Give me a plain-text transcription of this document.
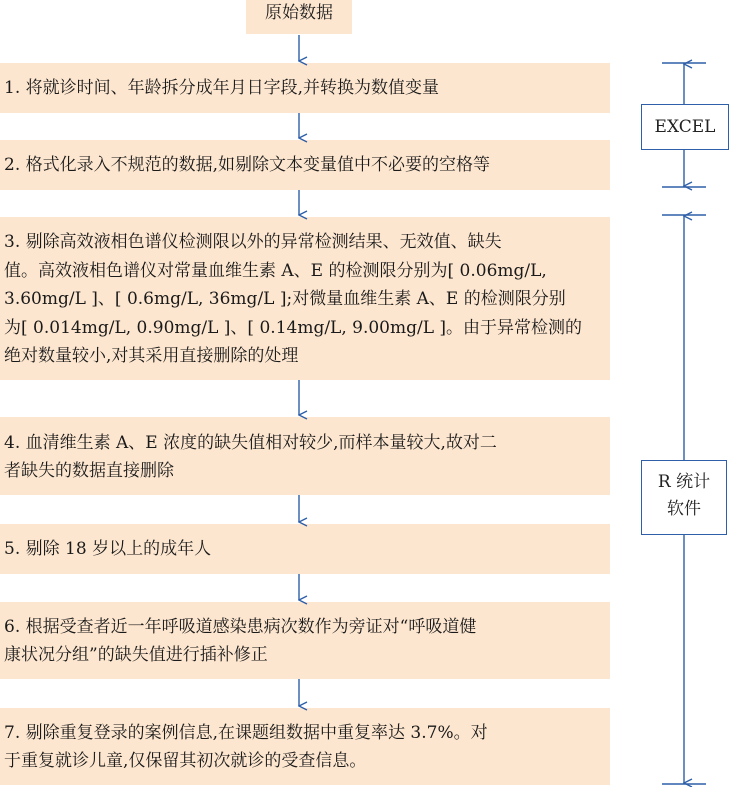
原始数据
1. 将就诊时间、年龄拆分成年月日字段,并转换为数值变量
2. 格式化录入不规范的数据,如剔除文本变量值中不必要的空格等
3. 剔除高效液相色谱仪检测限以外的异常检测结果、无效值、缺失
值。高效液相色谱仪对常量血维生素 A、E 的检测限分别为[ 0.06mg/L,
3.60mg/L ]、[ 0.6mg/L, 36mg/L ];对微量血维生素 A、E 的检测限分别
为[ 0.014mg/L, 0.90mg/L ]、[ 0.14mg/L, 9.00mg/L ]。由于异常检测的
绝对数量较小,对其采用直接删除的处理
4. 血清维生素 A、E 浓度的缺失值相对较少,而样本量较大,故对二
者缺失的数据直接删除
5. 剔除 18 岁以上的成年人
6. 根据受查者近一年呼吸道感染患病次数作为旁证对“呼吸道健
康状况分组”的缺失值进行插补修正
7. 剔除重复登录的案例信息,在课题组数据中重复率达 3.7%。对
于重复就诊儿童,仅保留其初次就诊的受查信息。
EXCEL
R 统计
软件
